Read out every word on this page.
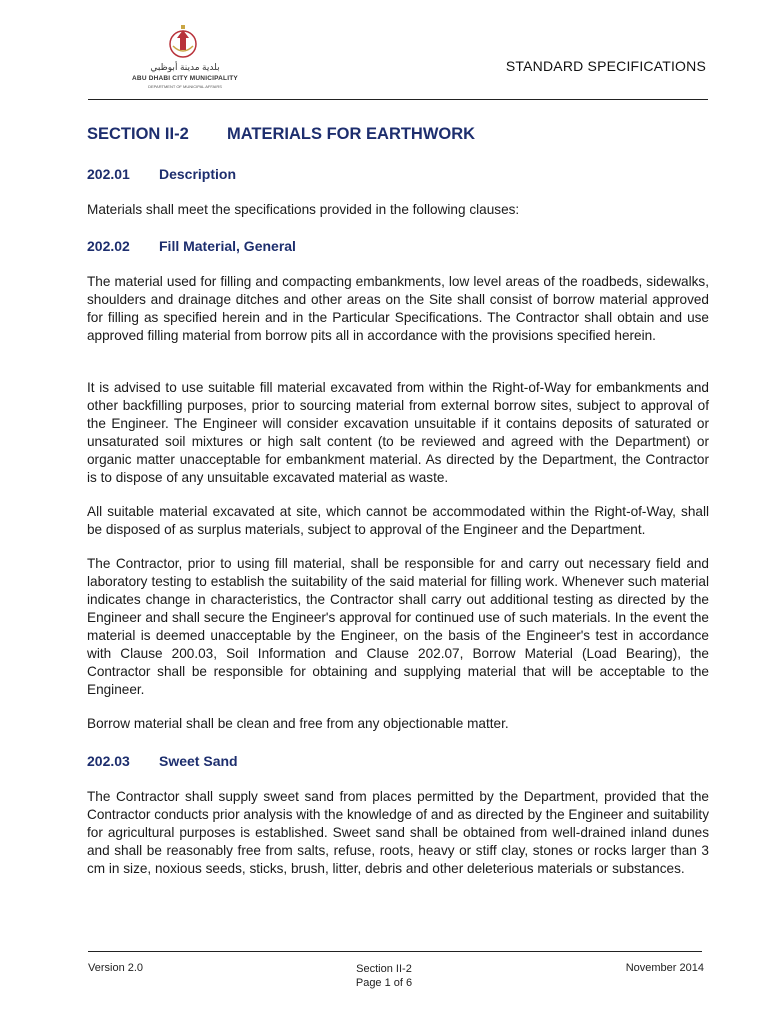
بلدية مدينة أبوظبي
ABU DHABI CITY MUNICIPALITY
DEPARTMENT OF MUNICIPAL AFFAIRS
STANDARD SPECIFICATIONS
SECTION II-2 MATERIALS FOR EARTHWORK
202.01 Description

Materials shall meet the specifications provided in the following clauses:

202.02 Fill Material, General

The material used for filling and compacting embankments, low level areas of the roadbeds, sidewalks, shoulders and drainage ditches and other areas on the Site shall consist of borrow material approved for filling as specified herein and in the Particular Specifications. The Contractor shall obtain and use approved filling material from borrow pits all in accordance with the provisions specified herein.

It is advised to use suitable fill material excavated from within the Right-of-Way for embankments and other backfilling purposes, prior to sourcing material from external borrow sites, subject to approval of the Engineer. The Engineer will consider excavation unsuitable if it contains deposits of saturated or unsaturated soil mixtures or high salt content (to be reviewed and agreed with the Department) or organic matter unacceptable for embankment material. As directed by the Department, the Contractor is to dispose of any unsuitable excavated material as waste.

All suitable material excavated at site, which cannot be accommodated within the Right-of-Way, shall be disposed of as surplus materials, subject to approval of the Engineer and the Department.

The Contractor, prior to using fill material, shall be responsible for and carry out necessary field and laboratory testing to establish the suitability of the said material for filling work. Whenever such material indicates change in characteristics, the Contractor shall carry out additional testing as directed by the Engineer and shall secure the Engineer's approval for continued use of such materials. In the event the material is deemed unacceptable by the Engineer, on the basis of the Engineer's test in accordance with Clause 200.03, Soil Information and Clause 202.07, Borrow Material (Load Bearing), the Contractor shall be responsible for obtaining and supplying material that will be acceptable to the Engineer.

Borrow material shall be clean and free from any objectionable matter.

202.03 Sweet Sand

The Contractor shall supply sweet sand from places permitted by the Department, provided that the Contractor conducts prior analysis with the knowledge of and as directed by the Engineer and suitability for agricultural purposes is established. Sweet sand shall be obtained from well-drained inland dunes and shall be reasonably free from salts, refuse, roots, heavy or stiff clay, stones or rocks larger than 3 cm in size, noxious seeds, sticks, brush, litter, debris and other deleterious materials or substances.

Version 2.0	Section II-2
Page 1 of 6
November 2014
